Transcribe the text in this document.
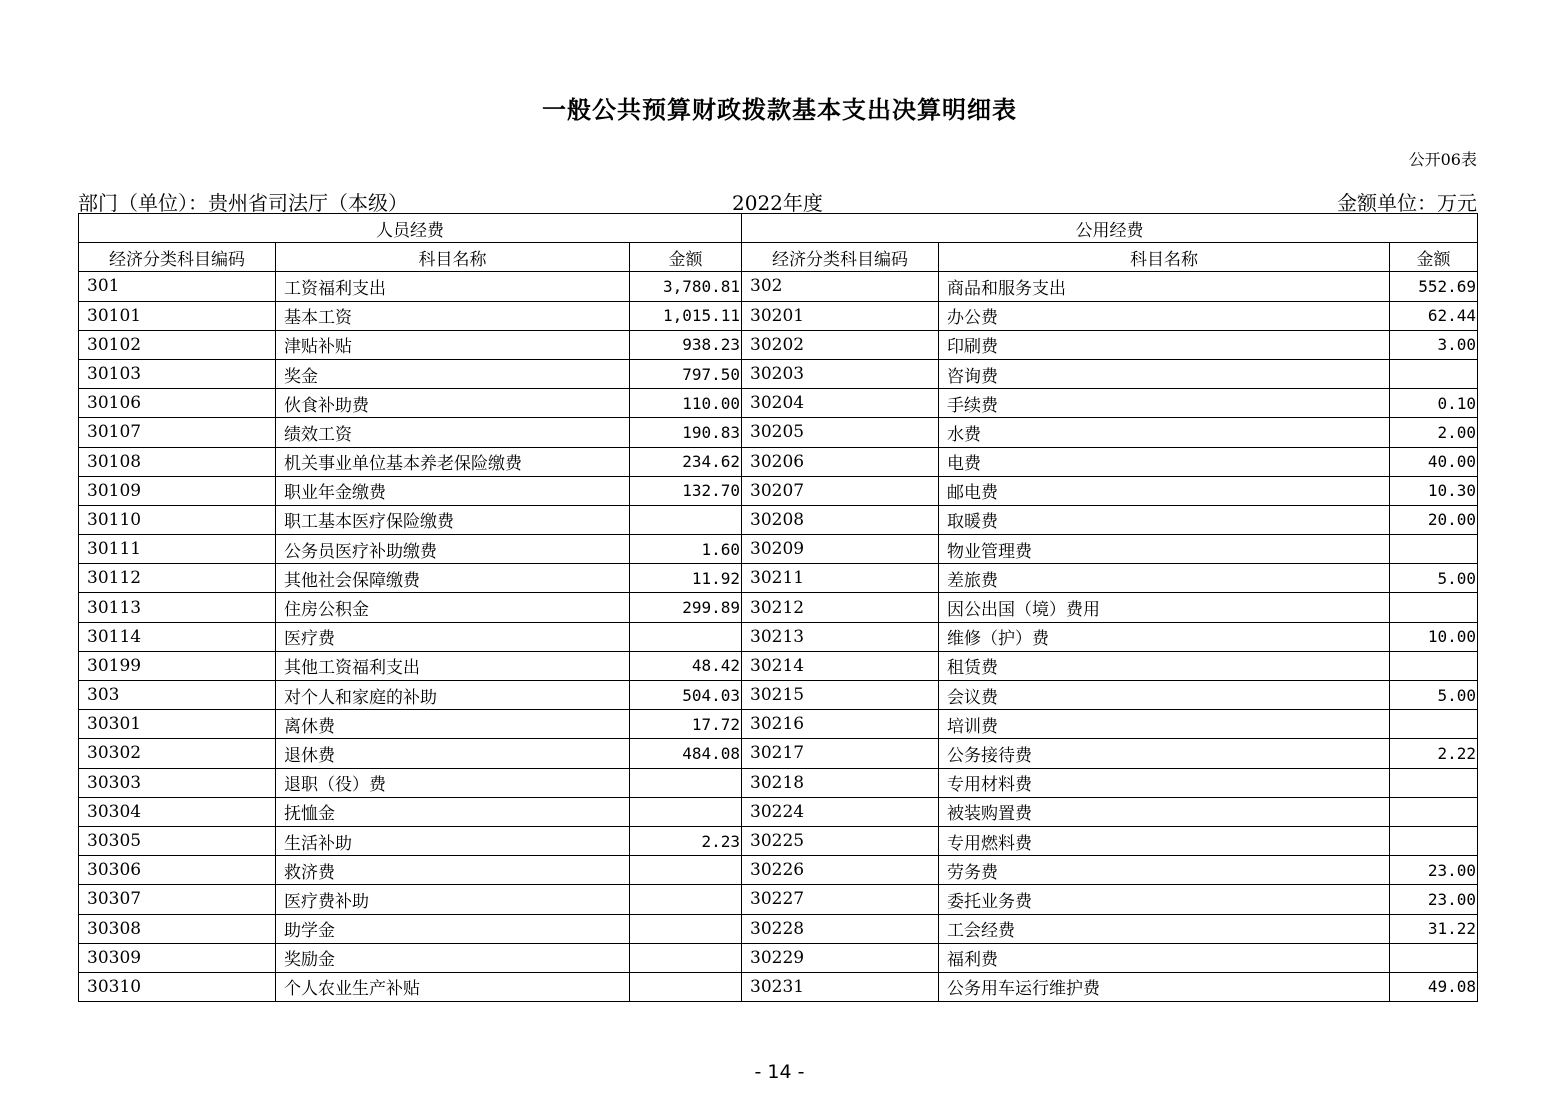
一般公共预算财政拨款基本支出决算明细表
公开06表
部门（单位）：贵州省司法厅（本级）	2022年度	金额单位：万元
人员经费			公用经费		
经济分类科目编码	科目名称	金额	经济分类科目编码	科目名称	金额
301	工资福利支出	3,780.81	302	商品和服务支出	552.69
30101	基本工资	1,015.11	30201	办公费	62.44
30102	津贴补贴	938.23	30202	印刷费	3.00
30103	奖金	797.50	30203	咨询费	
30106	伙食补助费	110.00	30204	手续费	0.10
30107	绩效工资	190.83	30205	水费	2.00
30108	机关事业单位基本养老保险缴费	234.62	30206	电费	40.00
30109	职业年金缴费	132.70	30207	邮电费	10.30
30110	职工基本医疗保险缴费		30208	取暖费	20.00
30111	公务员医疗补助缴费	1.60	30209	物业管理费	
30112	其他社会保障缴费	11.92	30211	差旅费	5.00
30113	住房公积金	299.89	30212	因公出国（境）费用	
30114	医疗费		30213	维修（护）费	10.00
30199	其他工资福利支出	48.42	30214	租赁费	
303	对个人和家庭的补助	504.03	30215	会议费	5.00
30301	离休费	17.72	30216	培训费	
30302	退休费	484.08	30217	公务接待费	2.22
30303	退职（役）费		30218	专用材料费	
30304	抚恤金		30224	被装购置费	
30305	生活补助	2.23	30225	专用燃料费	
30306	救济费		30226	劳务费	23.00
30307	医疗费补助		30227	委托业务费	23.00
30308	助学金		30228	工会经费	31.22
30309	奖励金		30229	福利费	
30310	个人农业生产补贴		30231	公务用车运行维护费	49.08
- 14 -
